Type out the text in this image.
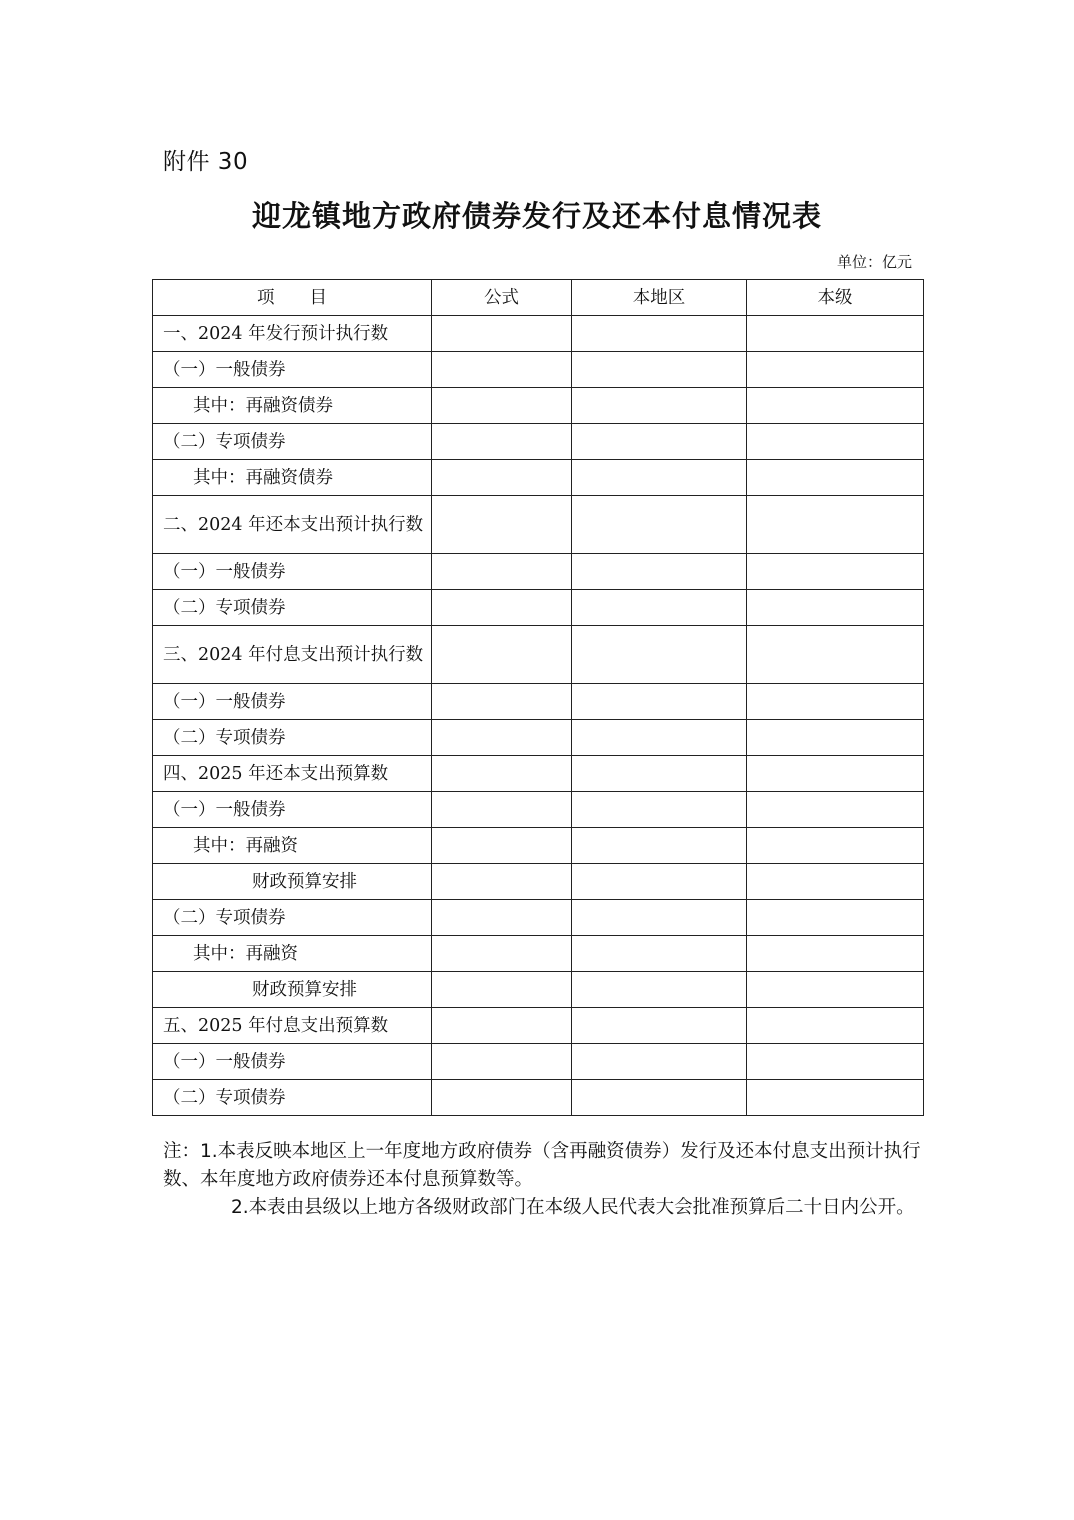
附件 30
迎龙镇地方政府债券发行及还本付息情况表
单位：亿元
项　　目	公式	本地区	本级
一、2024 年发行预计执行数			
（一）一般债券			
其中：再融资债券			
（二）专项债券			
其中：再融资债券			
二、2024 年还本支出预计执行数			
（一）一般债券			
（二）专项债券			
三、2024 年付息支出预计执行数			
（一）一般债券			
（二）专项债券			
四、2025 年还本支出预算数			
（一）一般债券			
其中：再融资			
财政预算安排			
（二）专项债券			
其中：再融资			
财政预算安排			
五、2025 年付息支出预算数			
（一）一般债券			
（二）专项债券			
注：1.本表反映本地区上一年度地方政府债券（含再融资债券）发行及还本付息支出预计执行数、本年度地方政府债券还本付息预算数等。
2.本表由县级以上地方各级财政部门在本级人民代表大会批准预算后二十日内公开。
